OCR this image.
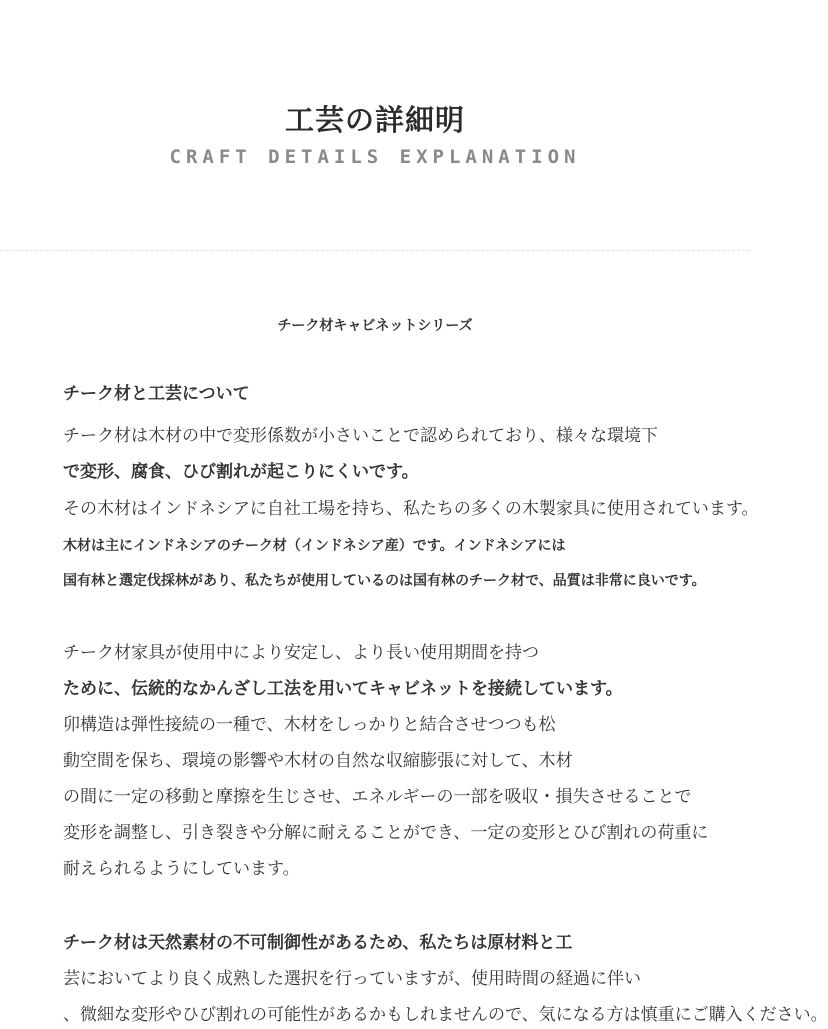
工芸の詳細明
CRAFT DETAILS EXPLANATION
チーク材キャビネットシリーズ
チーク材と工芸について
チーク材は木材の中で変形係数が小さいことで認められており、様々な環境下
で変形、腐食、ひび割れが起こりにくいです。
その木材はインドネシアに自社工場を持ち、私たちの多くの木製家具に使用されています。
木材は主にインドネシアのチーク材（インドネシア産）です。インドネシアには
国有林と選定伐採林があり、私たちが使用しているのは国有林のチーク材で、品質は非常に良いです。
チーク材家具が使用中により安定し、より長い使用期間を持つ
ために、伝統的なかんざし工法を用いてキャビネットを接続しています。
卯構造は弾性接続の一種で、木材をしっかりと結合させつつも松
動空間を保ち、環境の影響や木材の自然な収縮膨張に対して、木材
の間に一定の移動と摩擦を生じさせ、エネルギーの一部を吸収・損失させることで
変形を調整し、引き裂きや分解に耐えることができ、一定の変形とひび割れの荷重に
耐えられるようにしています。
チーク材は天然素材の不可制御性があるため、私たちは原材料と工
芸においてより良く成熟した選択を行っていますが、使用時間の経過に伴い
、微細な変形やひび割れの可能性があるかもしれませんので、気になる方は慎重にご購入ください。
